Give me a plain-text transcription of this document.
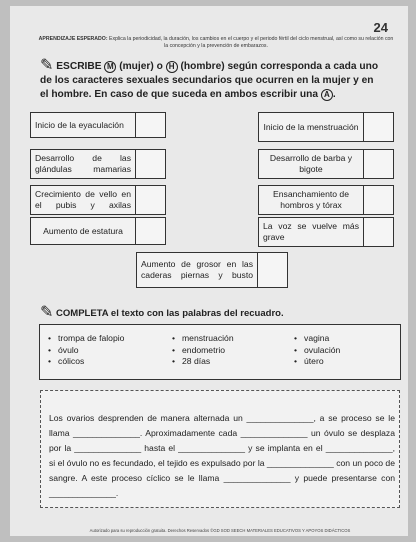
24
APRENDIZAJE ESPERADO: Explica la periodicidad, la duración, los cambios en el cuerpo y el periodo fértil del ciclo menstrual, así como su relación con la concepción y la prevención de embarazos.
✎ ESCRIBE M (mujer) o H (hombre) según corresponda a cada uno de los caracteres sexuales secundarios que ocurren en la mujer y en el hombre. En caso de que suceda en ambos escribir una A .
Inicio de la eyaculación
Desarrollo de las glándulas mamarias
Crecimiento de vello en el pubis y axilas
Aumento de estatura
Inicio de la menstruación
Desarrollo de barba y bigote
Ensanchamiento de hombros y tórax
La voz se vuelve más grave
Aumento de grosor en las caderas piernas y busto
✎ COMPLETA el texto con las palabras del recuadro.
• trompa de falopio
• óvulo
• cólicos
• menstruación
• endometrio
• 28 días
• vagina
• ovulación
• útero
Los ovarios desprenden de manera alternada un ______________, a se proceso se le llama ______________. Aproximadamente cada ______________ un óvulo se desplaza por la ______________ hasta el ______________ y se implanta en el ______________, si el óvulo no es fecundado, el tejido es expulsado por la ______________ con un poco de sangre. A este proceso cíclico se le llama ______________ y puede presentarse con ______________.
Autorizado para su reproducción gratuita. Derechos Reservados ©GD SOD SEECH MATERIALES EDUCATIVOS Y APOYOS DIDÁCTICOS
